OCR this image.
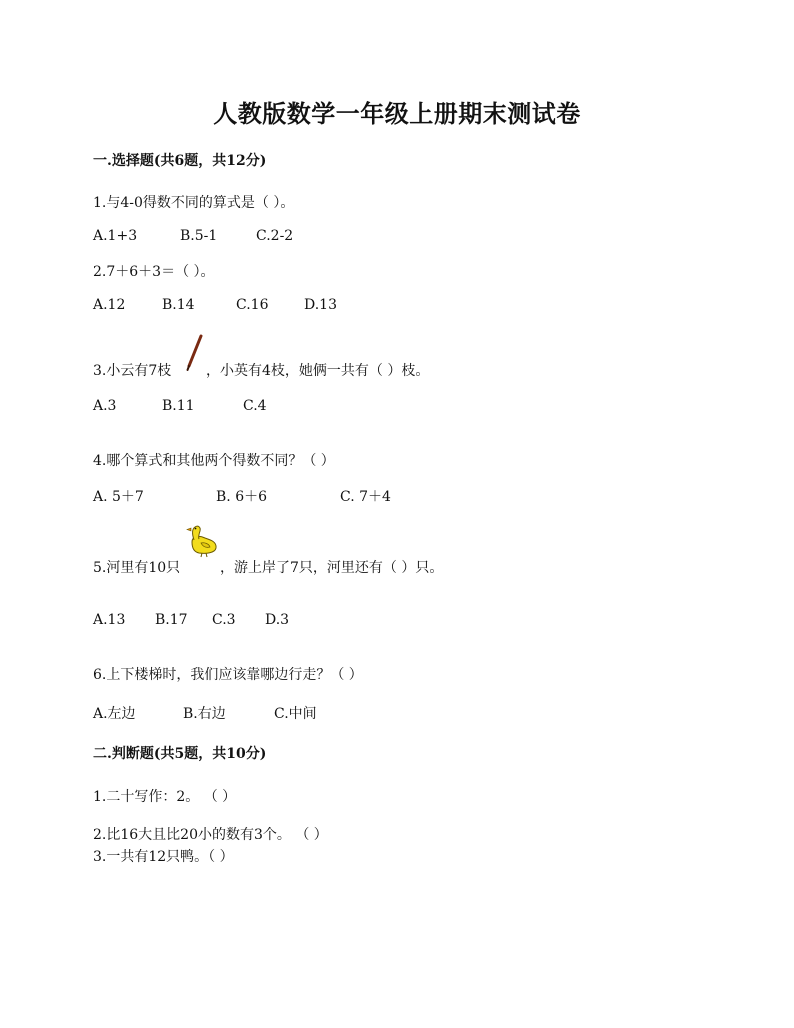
人教版数学一年级上册期末测试卷
一.选择题(共6题，共12分)
1.与4-0得数不同的算式是（ ）。
A.1+3	B.5-1	C.2-2
2.7＋6＋3＝（ ）。
A.12	B.14	C.16	D.13
3.小云有7枝 ，小英有4枝，她俩一共有（ ）枝。
A.3	B.11	C.4
4.哪个算式和其他两个得数不同？（ ）
A. 5＋7	B. 6＋6	C. 7＋4
5.河里有10只	，游上岸了7只，河里还有（ ）只。
A.13 B.17 C.3 D.3
6.上下楼梯时，我们应该靠哪边行走？（ ）
A.左边	B.右边	C.中间
二.判断题(共5题，共10分)
1.二十写作：2。 （ ）
2.比16大且比20小的数有3个。 （ ）
3.一共有12只鸭。（ ）
